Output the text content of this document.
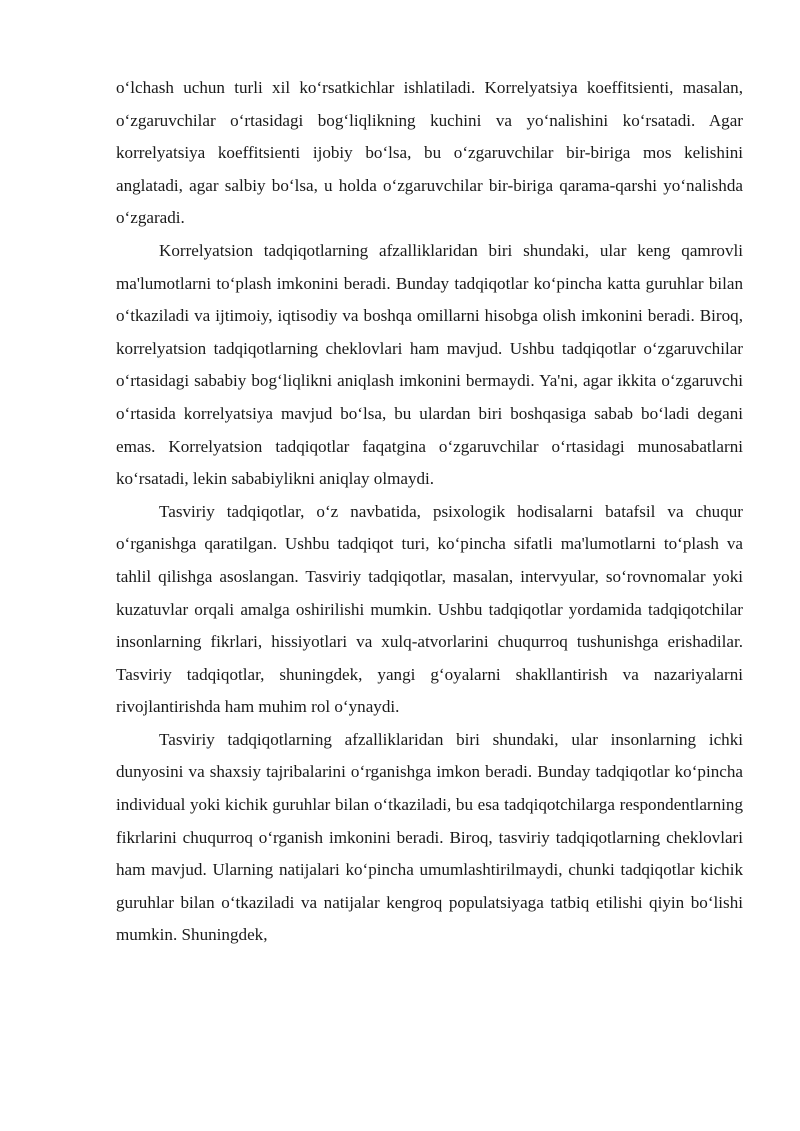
o‘lchash uchun turli xil ko‘rsatkichlar ishlatiladi. Korrelyatsiya koeffitsienti, masalan, o‘zgaruvchilar o‘rtasidagi bog‘liqlikning kuchini va yo‘nalishini ko‘rsatadi. Agar korrelyatsiya koeffitsienti ijobiy bo‘lsa, bu o‘zgaruvchilar bir-biriga mos kelishini anglatadi, agar salbiy bo‘lsa, u holda o‘zgaruvchilar bir-biriga qarama-qarshi yo‘nalishda o‘zgaradi.

Korrelyatsion tadqiqotlarning afzalliklaridan biri shundaki, ular keng qamrovli ma'lumotlarni to‘plash imkonini beradi. Bunday tadqiqotlar ko‘pincha katta guruhlar bilan o‘tkaziladi va ijtimoiy, iqtisodiy va boshqa omillarni hisobga olish imkonini beradi. Biroq, korrelyatsion tadqiqotlarning cheklovlari ham mavjud. Ushbu tadqiqotlar o‘zgaruvchilar o‘rtasidagi sababiy bog‘liqlikni aniqlash imkonini bermaydi. Ya'ni, agar ikkita o‘zgaruvchi o‘rtasida korrelyatsiya mavjud bo‘lsa, bu ulardan biri boshqasiga sabab bo‘ladi degani emas. Korrelyatsion tadqiqotlar faqatgina o‘zgaruvchilar o‘rtasidagi munosabatlarni ko‘rsatadi, lekin sababiylikni aniqlay olmaydi.

Tasviriy tadqiqotlar, o‘z navbatida, psixologik hodisalarni batafsil va chuqur o‘rganishga qaratilgan. Ushbu tadqiqot turi, ko‘pincha sifatli ma'lumotlarni to‘plash va tahlil qilishga asoslangan. Tasviriy tadqiqotlar, masalan, intervyular, so‘rovnomalar yoki kuzatuvlar orqali amalga oshirilishi mumkin. Ushbu tadqiqotlar yordamida tadqiqotchilar insonlarning fikrlari, hissiyotlari va xulq-atvorlarini chuqurroq tushunishga erishadilar. Tasviriy tadqiqotlar, shuningdek, yangi g‘oyalarni shakllantirish va nazariyalarni rivojlantirishda ham muhim rol o‘ynaydi.

Tasviriy tadqiqotlarning afzalliklaridan biri shundaki, ular insonlarning ichki dunyosini va shaxsiy tajribalarini o‘rganishga imkon beradi. Bunday tadqiqotlar ko‘pincha individual yoki kichik guruhlar bilan o‘tkaziladi, bu esa tadqiqotchilarga respondentlarning fikrlarini chuqurroq o‘rganish imkonini beradi. Biroq, tasviriy tadqiqotlarning cheklovlari ham mavjud. Ularning natijalari ko‘pincha umumlashtirilmaydi, chunki tadqiqotlar kichik guruhlar bilan o‘tkaziladi va natijalar kengroq populatsiyaga tatbiq etilishi qiyin bo‘lishi mumkin. Shuningdek,
